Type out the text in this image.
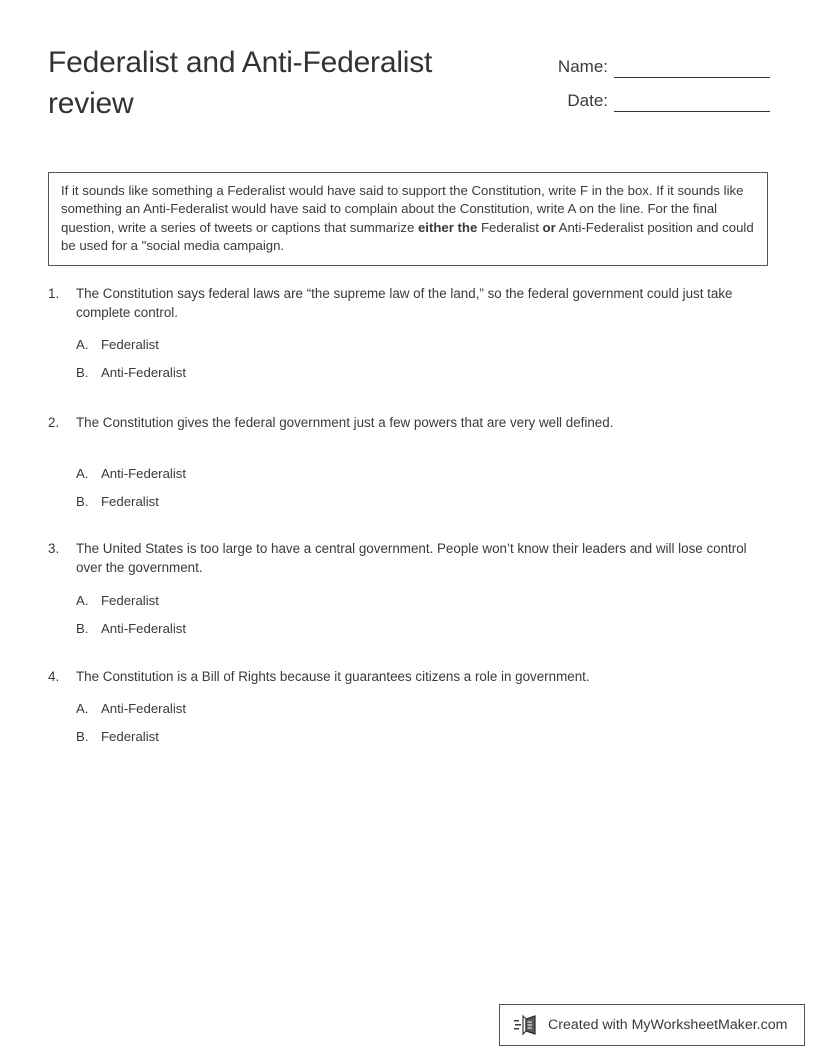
Federalist and Anti-Federalist review
Name:
Date:
If it sounds like something a Federalist would have said to support the Constitution, write F in the box. If it sounds like something an Anti-Federalist would have said to complain about the Constitution, write A on the line. For the final question, write a series of tweets or captions that summarize either the Federalist or Anti-Federalist position and could be used for a "social media campaign.
1. The Constitution says federal laws are “the supreme law of the land,” so the federal government could just take complete control.
A. Federalist
B. Anti-Federalist
2. The Constitution gives the federal government just a few powers that are very well defined.
A. Anti-Federalist
B. Federalist
3. The United States is too large to have a central government. People won’t know their leaders and will lose control over the government.
A. Federalist
B. Anti-Federalist
4. The Constitution is a Bill of Rights because it guarantees citizens a role in government.
A. Anti-Federalist
B. Federalist
Created with MyWorksheetMaker.com
